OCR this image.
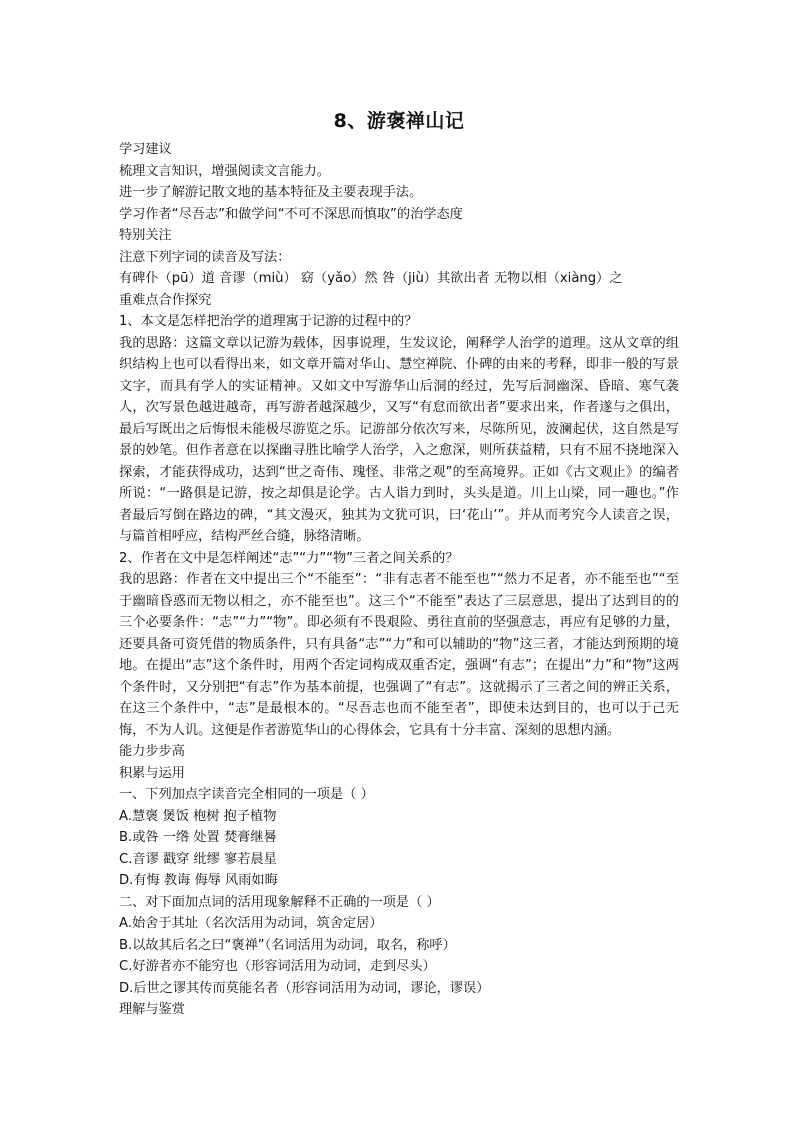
8、游褒禅山记
学习建议
梳理文言知识，增强阅读文言能力。
进一步了解游记散文地的基本特征及主要表现手法。
学习作者“尽吾志”和做学问“不可不深思而慎取”的治学态度
特别关注
注意下列字词的读音及写法：
有碑仆（pū）道 音谬（miù） 窈（yǎo）然 咎（jiù）其欲出者 无物以相（xiàng）之
重难点合作探究
1、本文是怎样把治学的道理寓于记游的过程中的？
我的思路：这篇文章以记游为载体，因事说理，生发议论，阐释学人治学的道理。这从文章的组织结构上也可以看得出来，如文章开篇对华山、慧空禅院、仆碑的由来的考释，即非一般的写景文字，而具有学人的实证精神。又如文中写游华山后洞的经过，先写后洞幽深、昏暗、寒气袭人，次写景色越进越奇，再写游者越深越少，又写“有怠而欲出者”要求出来，作者遂与之俱出，最后写既出之后悔恨未能极尽游览之乐。记游部分依次写来，尽陈所见，波澜起伏，这自然是写景的妙笔。但作者意在以探幽寻胜比喻学人治学，入之愈深，则所获益精，只有不屈不挠地深入探索，才能获得成功，达到“世之奇伟、瑰怪、非常之观”的至高境界。正如《古文观止》的编者所说：“一路俱是记游，按之却俱是论学。古人诣力到时，头头是道。川上山梁，同一趣也。”作者最后写倒在路边的碑，“其文漫灭，独其为文犹可识，曰‘花山’”。并从而考究今人读音之误，与篇首相呼应，结构严丝合缝，脉络清晰。
2、作者在文中是怎样阐述“志”“力”“物”三者之间关系的？
我的思路：作者在文中提出三个“不能至”：“非有志者不能至也”“然力不足者，亦不能至也”“至于幽暗昏惑而无物以相之，亦不能至也”。这三个“不能至”表达了三层意思，提出了达到目的的三个必要条件：“志”“力”“物”。即必须有不畏艰险、勇往直前的坚强意志，再应有足够的力量，还要具备可资凭借的物质条件，只有具备“志”“力”和可以辅助的“物”这三者，才能达到预期的境地。在提出“志”这个条件时，用两个否定词构成双重否定，强调“有志”；在提出“力”和“物”这两个条件时，又分别把“有志”作为基本前提，也强调了“有志”。这就揭示了三者之间的辨正关系，在这三个条件中，“志”是最根本的。“尽吾志也而不能至者”，即使未达到目的，也可以于己无悔，不为人讥。这便是作者游览华山的心得体会，它具有十分丰富、深刻的思想内涵。
能力步步高
积累与运用
一、下列加点字读音完全相同的一项是（ ）
A.慧褒 煲饭 枹树 抱子植物
B.或咎 一绺 处置 焚膏继晷
C.音谬 戳穿 纰缪 寥若晨星
D.有悔 教诲 侮辱 风雨如晦
二、对下面加点词的活用现象解释不正确的一项是（ ）
A.始舍于其址（名次活用为动词，筑舍定居）
B.以故其后名之曰“褒禅”（名词活用为动词，取名，称呼）
C.好游者亦不能穷也（形容词活用为动词，走到尽头）
D.后世之谬其传而莫能名者（形容词活用为动词，谬论，谬误）
理解与鉴赏
